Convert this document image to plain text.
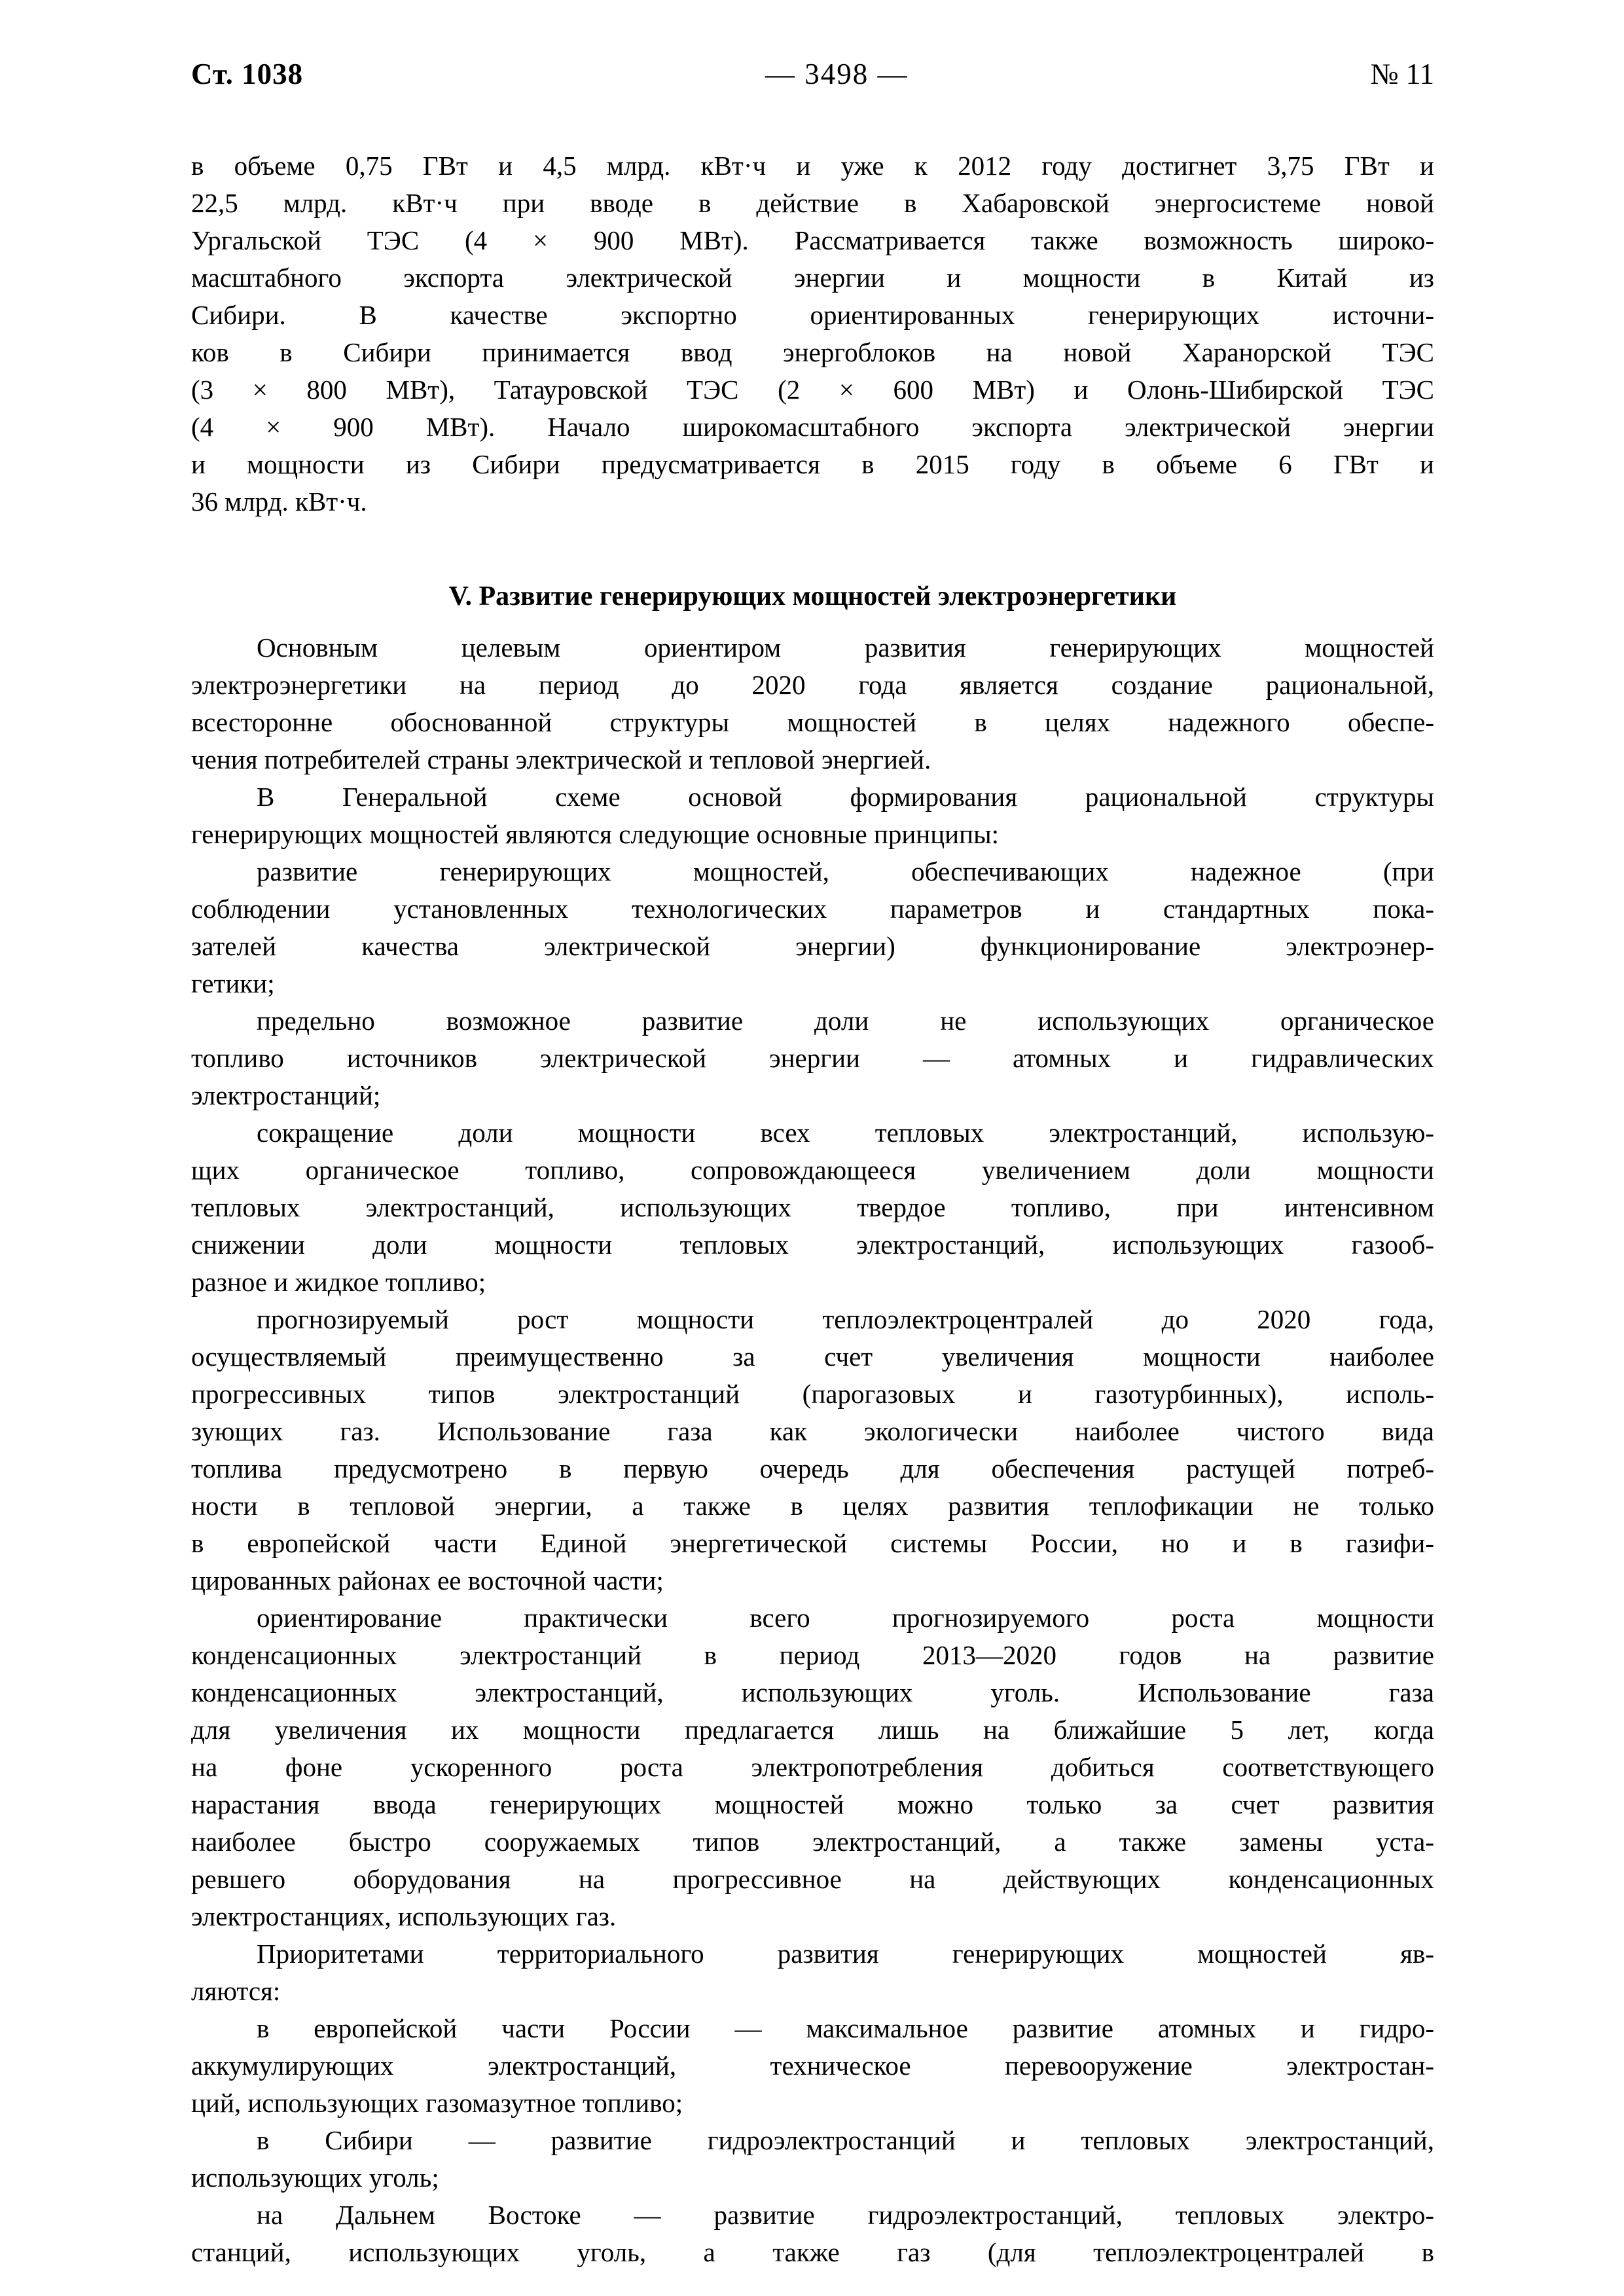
Ст. 1038	— 3498 —	№ 11
в объеме 0,75 ГВт и 4,5 млрд. кВт·ч и уже к 2012 году достигнет 3,75 ГВт и
22,5 млрд. кВт·ч при вводе в действие в Хабаровской энергосистеме новой
Ургальской ТЭС (4 × 900 МВт). Рассматривается также возможность широко-
масштабного экспорта электрической энергии и мощности в Китай из
Сибири. В качестве экспортно ориентированных генерирующих источни-
ков в Сибири принимается ввод энергоблоков на новой Харанорской ТЭС
(3 × 800 МВт), Татауровской ТЭС (2 × 600 МВт) и Олонь-Шибирской ТЭС
(4 × 900 МВт). Начало широкомасштабного экспорта электрической энергии
и мощности из Сибири предусматривается в 2015 году в объеме 6 ГВт и
36 млрд. кВт·ч.
V. Развитие генерирующих мощностей электроэнергетики
Основным целевым ориентиром развития генерирующих мощностей
электроэнергетики на период до 2020 года является создание рациональной,
всесторонне обоснованной структуры мощностей в целях надежного обеспе-
чения потребителей страны электрической и тепловой энергией.
В Генеральной схеме основой формирования рациональной структуры
генерирующих мощностей являются следующие основные принципы:
развитие генерирующих мощностей, обеспечивающих надежное (при
соблюдении установленных технологических параметров и стандартных пока-
зателей качества электрической энергии) функционирование электроэнер-
гетики;
предельно возможное развитие доли не использующих органическое
топливо источников электрической энергии — атомных и гидравлических
электростанций;
сокращение доли мощности всех тепловых электростанций, использую-
щих органическое топливо, сопровождающееся увеличением доли мощности
тепловых электростанций, использующих твердое топливо, при интенсивном
снижении доли мощности тепловых электростанций, использующих газооб-
разное и жидкое топливо;
прогнозируемый рост мощности теплоэлектроцентралей до 2020 года,
осуществляемый преимущественно за счет увеличения мощности наиболее
прогрессивных типов электростанций (парогазовых и газотурбинных), исполь-
зующих газ. Использование газа как экологически наиболее чистого вида
топлива предусмотрено в первую очередь для обеспечения растущей потреб-
ности в тепловой энергии, а также в целях развития теплофикации не только
в европейской части Единой энергетической системы России, но и в газифи-
цированных районах ее восточной части;
ориентирование практически всего прогнозируемого роста мощности
конденсационных электростанций в период 2013—2020 годов на развитие
конденсационных электростанций, использующих уголь. Использование газа
для увеличения их мощности предлагается лишь на ближайшие 5 лет, когда
на фоне ускоренного роста электропотребления добиться соответствующего
нарастания ввода генерирующих мощностей можно только за счет развития
наиболее быстро сооружаемых типов электростанций, а также замены уста-
ревшего оборудования на прогрессивное на действующих конденсационных
электростанциях, использующих газ.
Приоритетами территориального развития генерирующих мощностей яв-
ляются:
в европейской части России — максимальное развитие атомных и гидро-
аккумулирующих электростанций, техническое перевооружение электростан-
ций, использующих газомазутное топливо;
в Сибири — развитие гидроэлектростанций и тепловых электростанций,
использующих уголь;
на Дальнем Востоке — развитие гидроэлектростанций, тепловых электро-
станций, использующих уголь, а также газ (для теплоэлектроцентралей в
